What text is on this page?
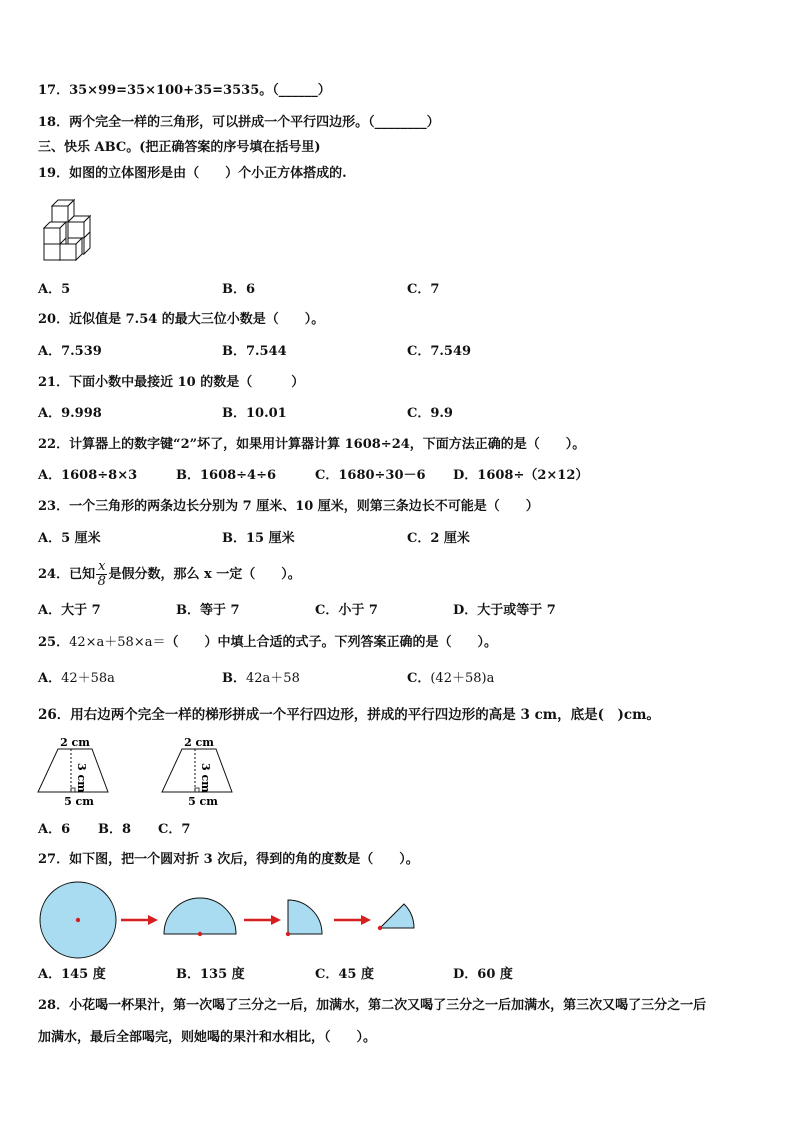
17．35×99=35×100+35=3535。（______）
18．两个完全一样的三角形，可以拼成一个平行四边形。（________）
三、快乐 ABC。(把正确答案的序号填在括号里)
19．如图的立体图形是由（　　）个小正方体搭成的.
A．5	B．6	C．7
20．近似值是 7.54 的最大三位小数是（　　）。
A．7.539	B．7.544	C．7.549
21．下面小数中最接近 10 的数是（　　　）
A．9.998	B．10.01	C．9.9
22．计算器上的数字键“2”坏了，如果用计算器计算 1608÷24，下面方法正确的是（　　）。
A．1608÷8×3	B．1608÷4÷6	C．1680÷30－6 D．1608÷（2×12）
23．一个三角形的两条边长分别为 7 厘米、10 厘米，则第三条边长不可能是（　　）
A．5 厘米	B．15 厘米	C．2 厘米
24．已知 $\frac{x}{8}$ 是假分数，那么 x 一定（　　）。
A．大于 7	B．等于 7	C．小于 7	D．大于或等于 7
25．42×a＋58×a＝（　　）中填上合适的式子。下列答案正确的是（　　）。
A．42＋58a	B．42a＋58	C．(42＋58)a
26．用右边两个完全一样的梯形拼成一个平行四边形，拼成的平行四边形的高是 3 cm，底是(　)cm。
2 cm
3 cm
5 cm
2 cm
3 cm
5 cm
A．6 B．8 C．7
27．如下图，把一个圆对折 3 次后，得到的角的度数是（　　）。
A．145 度	B．135 度	C．45 度	D．60 度
28．小花喝一杯果汁，第一次喝了三分之一后，加满水，第二次又喝了三分之一后加满水，第三次又喝了三分之一后
加满水，最后全部喝完，则她喝的果汁和水相比，（　　）。
